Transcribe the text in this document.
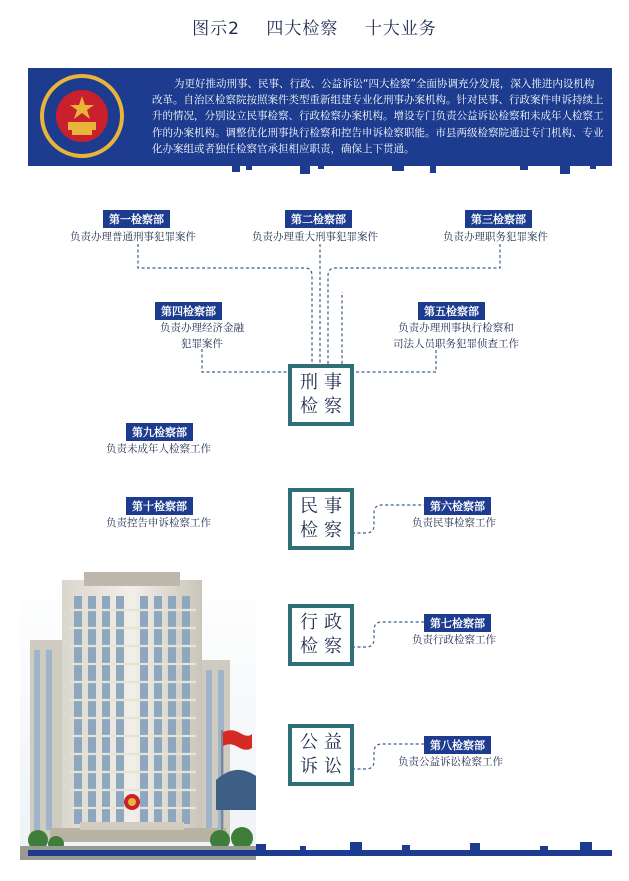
图示2 四大检察 十大业务
为更好推动刑事、民事、行政、公益诉讼“四大检察”全面协调充分发展，深入推进内设机构改革。自治区检察院按照案件类型重新组建专业化刑事办案机构。针对民事、行政案件申诉持续上升的情况，分别设立民事检察、行政检察办案机构。增设专门负责公益诉讼检察和未成年人检察工作的办案机构。调整优化刑事执行检察和控告申诉检察职能。市县两级检察院通过专门机构、专业化办案组或者独任检察官承担相应职责，确保上下贯通。
刑事
检察
民事
检察
行政
检察
公益
诉讼
第一检察部
负责办理普通刑事犯罪案件
第二检察部
负责办理重大刑事犯罪案件
第三检察部
负责办理职务犯罪案件
第四检察部
负责办理经济金融
犯罪案件
第五检察部
负责办理刑事执行检察和
司法人员职务犯罪侦查工作
第九检察部
负责未成年人检察工作
第十检察部
负责控告申诉检察工作
第六检察部
负责民事检察工作
第七检察部
负责行政检察工作
第八检察部
负责公益诉讼检察工作
